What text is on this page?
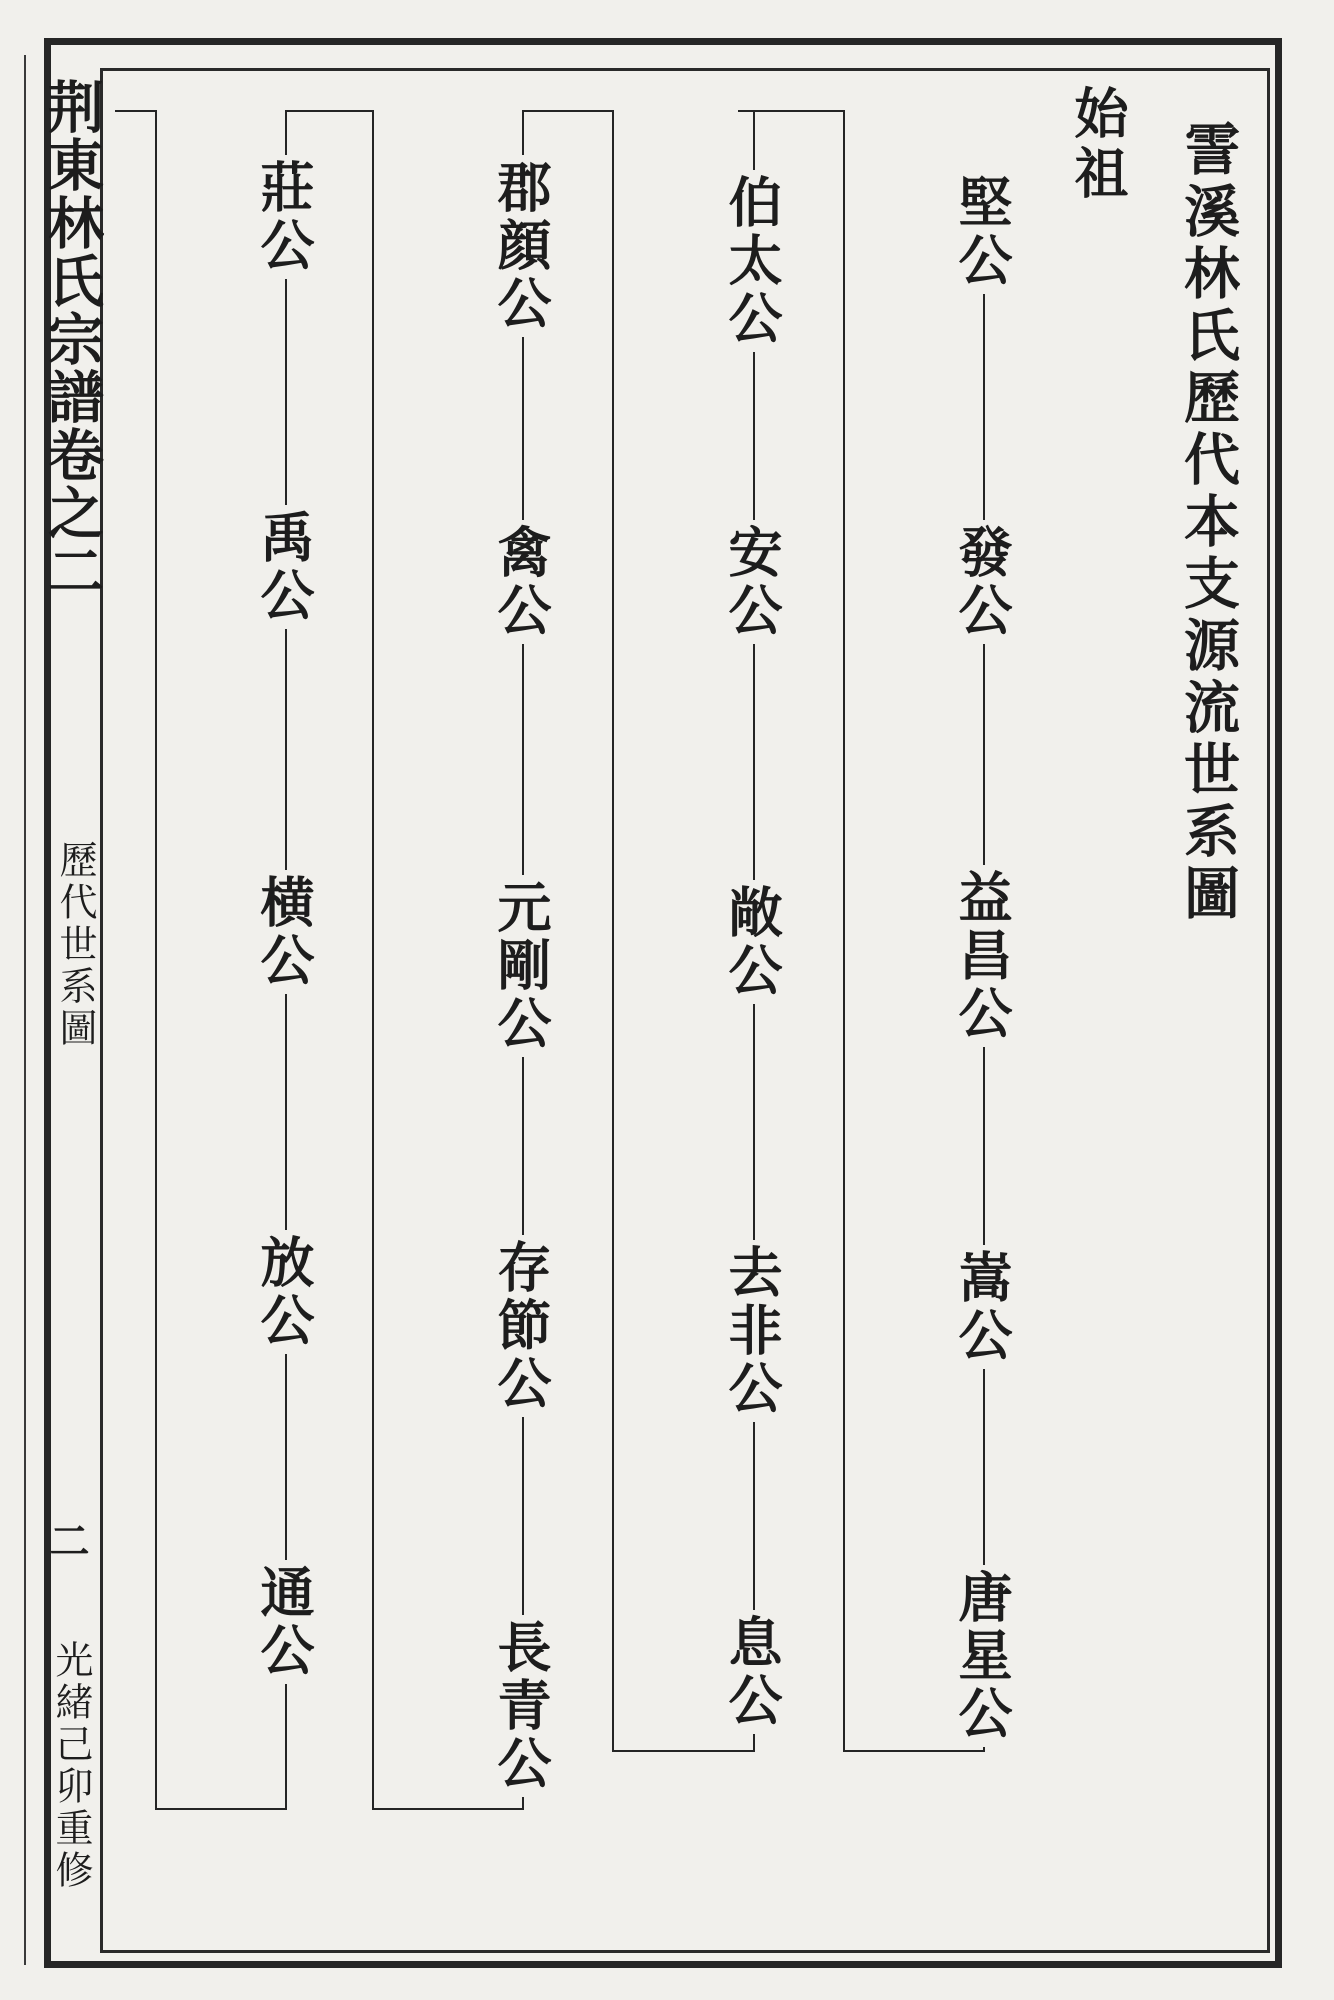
荆東林氏宗譜卷之二
歷代世系圖
二
光緒己卯重修
霅溪林氏歷代本支源流世系圖
始祖
堅公
發公
益昌公
嵩公
唐星公
伯太公
安公
敞公
去非公
息公
郡顔公
禽公
元剛公
存節公
長青公
莊公
禹公
横公
放公
通公
